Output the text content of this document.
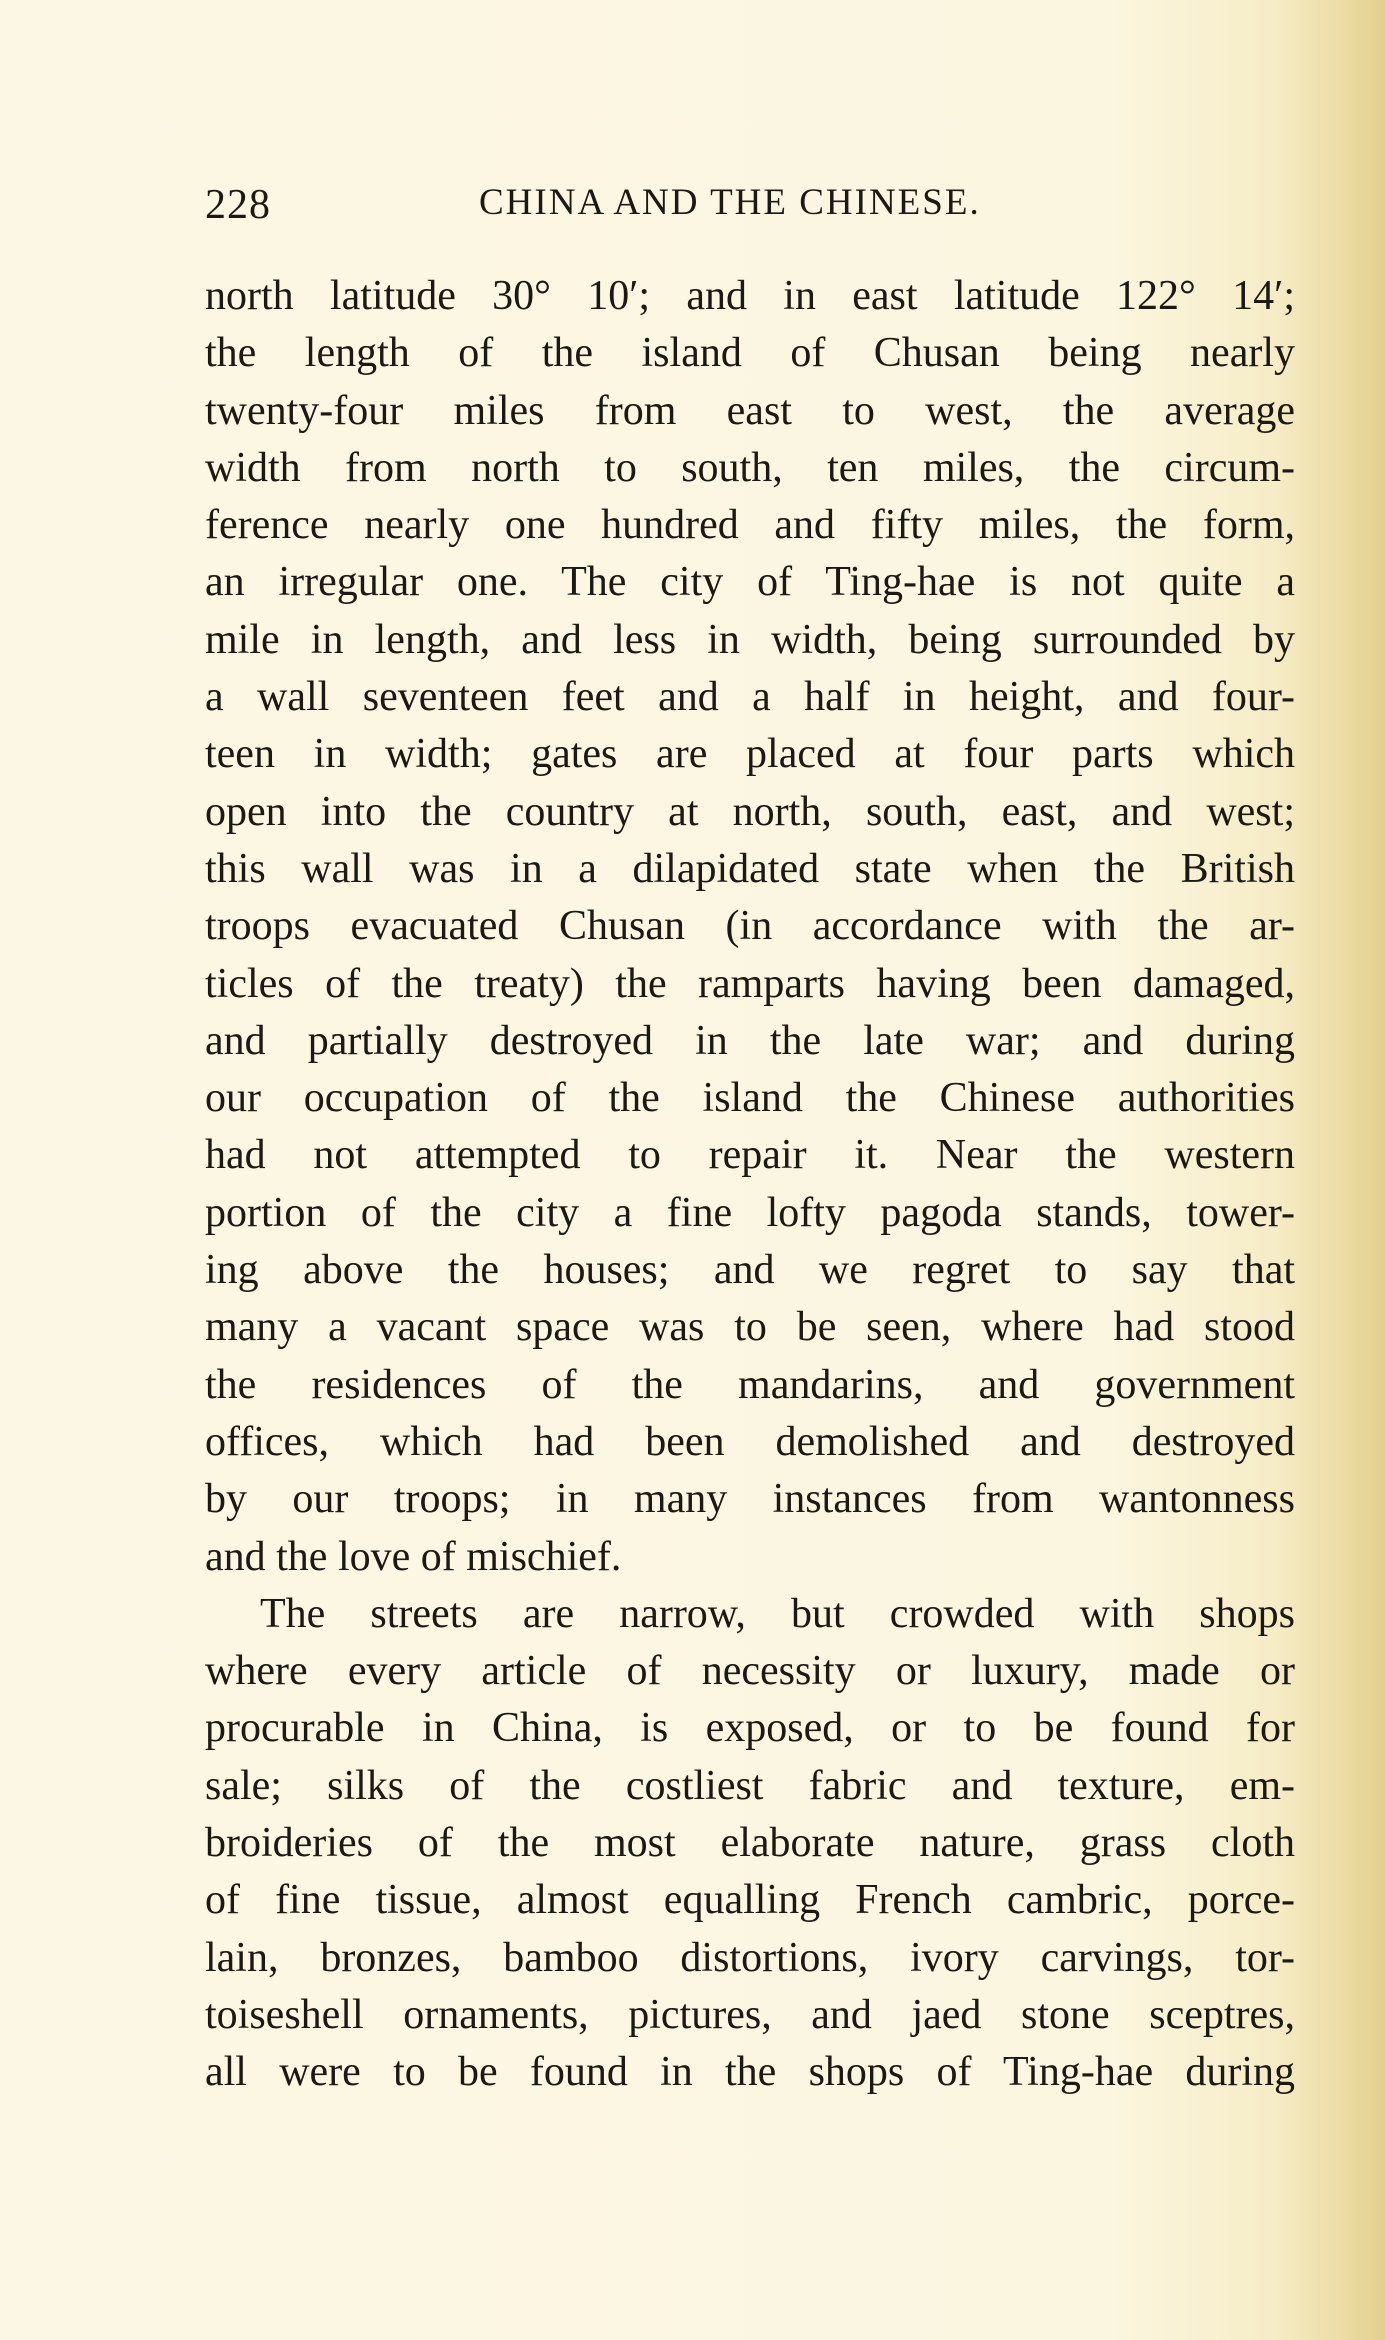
228	CHINA AND THE CHINESE.
north latitude 30° 10′; and in east latitude 122° 14′;
the length of the island of Chusan being nearly
twenty-four miles from east to west, the average
width from north to south, ten miles, the circum-
ference nearly one hundred and fifty miles, the form,
an irregular one. The city of Ting-hae is not quite a
mile in length, and less in width, being surrounded by
a wall seventeen feet and a half in height, and four-
teen in width; gates are placed at four parts which
open into the country at north, south, east, and west;
this wall was in a dilapidated state when the British
troops evacuated Chusan (in accordance with the ar-
ticles of the treaty) the ramparts having been damaged,
and partially destroyed in the late war; and during
our occupation of the island the Chinese authorities
had not attempted to repair it. Near the western
portion of the city a fine lofty pagoda stands, tower-
ing above the houses; and we regret to say that
many a vacant space was to be seen, where had stood
the residences of the mandarins, and government
offices, which had been demolished and destroyed
by our troops; in many instances from wantonness
and the love of mischief.
The streets are narrow, but crowded with shops
where every article of necessity or luxury, made or
procurable in China, is exposed, or to be found for
sale; silks of the costliest fabric and texture, em-
broideries of the most elaborate nature, grass cloth
of fine tissue, almost equalling French cambric, porce-
lain, bronzes, bamboo distortions, ivory carvings, tor-
toiseshell ornaments, pictures, and jaed stone sceptres,
all were to be found in the shops of Ting-hae during
